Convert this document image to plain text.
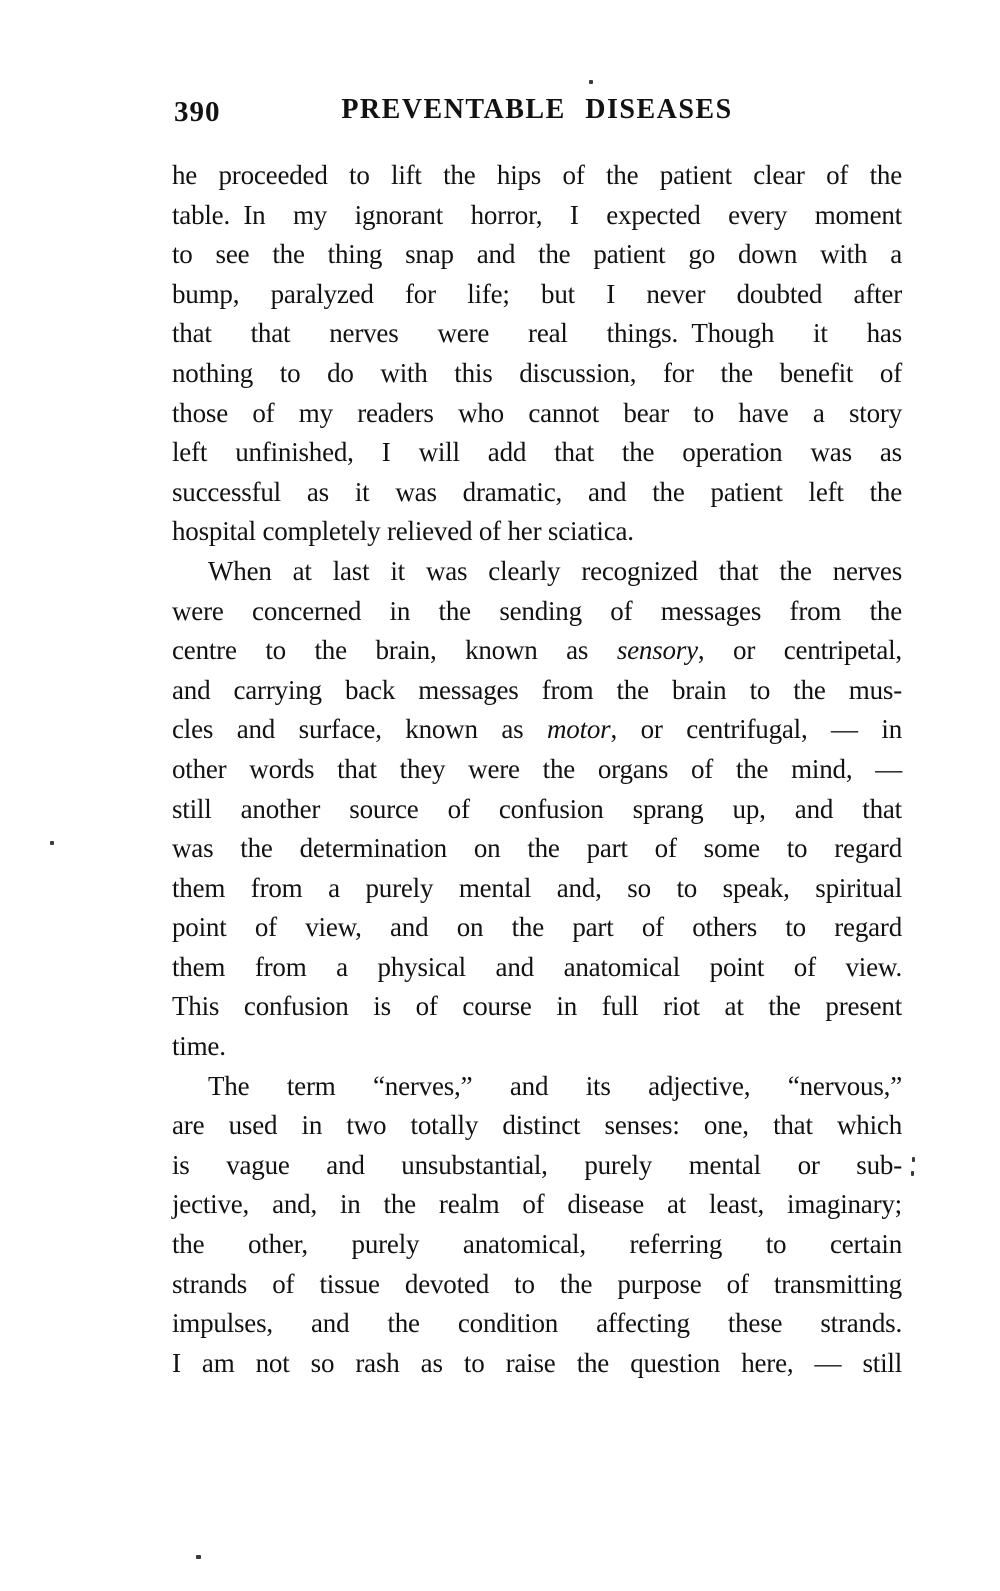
390	PREVENTABLE DISEASES
he proceeded to lift the hips of the patient clear of the
table. In my ignorant horror, I expected every moment
to see the thing snap and the patient go down with a
bump, paralyzed for life; but I never doubted after
that that nerves were real things. Though it has
nothing to do with this discussion, for the benefit of
those of my readers who cannot bear to have a story
left unfinished, I will add that the operation was as
successful as it was dramatic, and the patient left the
hospital completely relieved of her sciatica.
When at last it was clearly recognized that the nerves
were concerned in the sending of messages from the
centre to the brain, known as sensory, or centripetal,
and carrying back messages from the brain to the mus-
cles and surface, known as motor, or centrifugal, — in
other words that they were the organs of the mind, —
still another source of confusion sprang up, and that
was the determination on the part of some to regard
them from a purely mental and, so to speak, spiritual
point of view, and on the part of others to regard
them from a physical and anatomical point of view.
This confusion is of course in full riot at the present
time.
The term “nerves,” and its adjective, “nervous,”
are used in two totally distinct senses: one, that which
is vague and unsubstantial, purely mental or sub-
jective, and, in the realm of disease at least, imaginary;
the other, purely anatomical, referring to certain
strands of tissue devoted to the purpose of transmitting
impulses, and the condition affecting these strands.
I am not so rash as to raise the question here, — still
